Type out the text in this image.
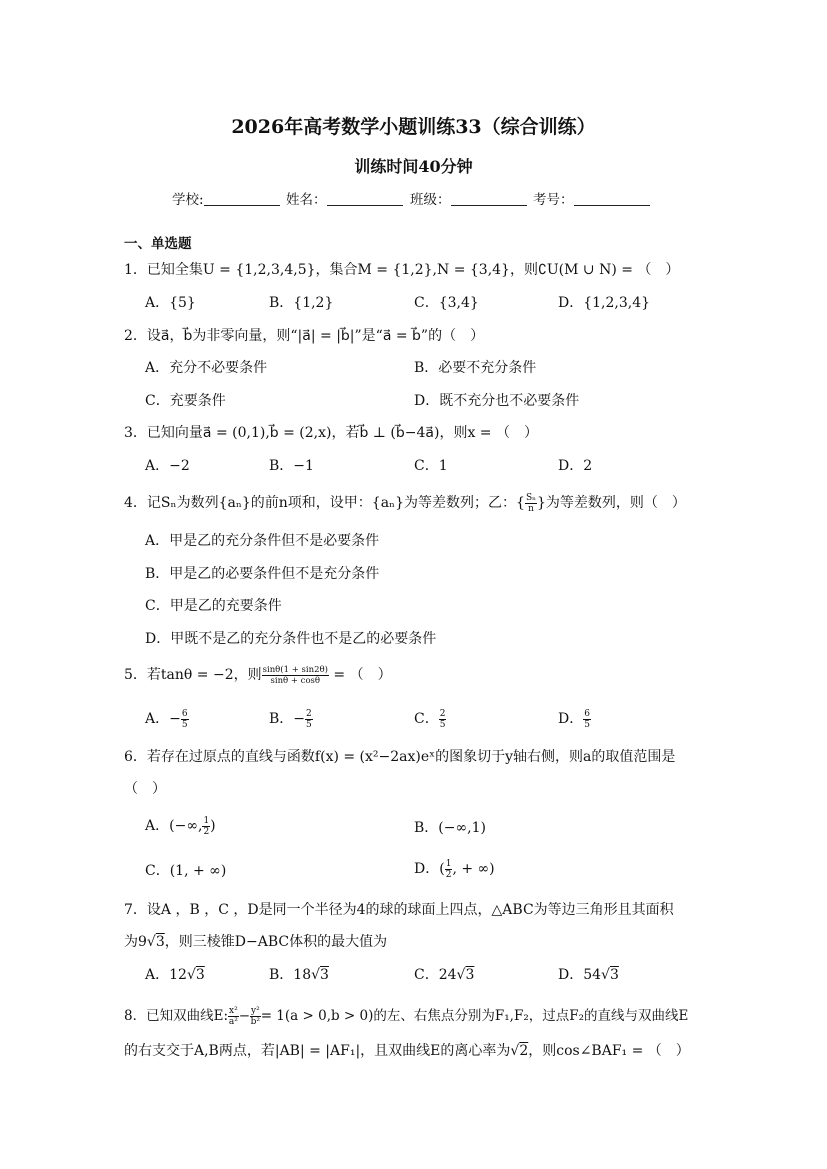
2026年高考数学小题训练33（综合训练）
训练时间40分钟
学校:	姓名：	班级：	考号：
一、单选题
1．已知全集U = {1,2,3,4,5}，集合M = {1,2},N = {3,4}，则∁U(M ∪ N) = （　）
A．{5}	B．{1,2}	C．{3,4}	D．{1,2,3,4}
2．设a⃗，b⃗为非零向量，则“|a⃗| = |b⃗|”是“a⃗ = b⃗”的（　）
A．充分不必要条件	B．必要不充分条件
C．充要条件	D．既不充分也不必要条件
3．已知向量a⃗ = (0,1),b⃗ = (2,x)，若b⃗ ⊥ (b⃗−4a⃗)，则x = （　）
A．−2	B．−1	C．1	D．2
4．记Sₙ为数列{aₙ}的前n项和，设甲：{aₙ}为等差数列；乙：{ $\frac{\text{Sₙ}}{n}$ }为等差数列，则（　）
A．甲是乙的充分条件但不是必要条件
B．甲是乙的必要条件但不是充分条件
C．甲是乙的充要条件
D．甲既不是乙的充分条件也不是乙的必要条件
5．若tanθ = −2，则 $\frac{\sin\theta(1 + \sin 2\theta)}{\sin\theta + \cos\theta}$ = （　）
A．− $\frac{6}{5}$	B．− $\frac{2}{5}$	C． $\frac{2}{5}$	D． $\frac{6}{5}$
6．若存在过原点的直线与函数f(x) = (x²−2ax)eˣ的图象切于y轴右侧，则a的取值范围是
（　）
A．(−∞, $\frac{1}{2}$ )	B．(−∞,1)
C．(1, + ∞)	D．( $\frac{1}{2}$ , + ∞)
7．设A ，B ，C ，D是同一个半径为4的球的球面上四点，△ABC为等边三角形且其面积
为9√3，则三棱锥D−ABC体积的最大值为
A．12√3	B．18√3	C．24√3	D．54√3
8．已知双曲线E: $\frac{\text{x²}}{\text{a²}} - \frac{\text{y²}}{\text{b²}} = 1(a > 0,b > 0)$的左、右焦点分别为F₁,F₂，过点F₂的直线与双曲线E
的右支交于A,B两点，若|AB| = |AF₁|，且双曲线E的离心率为√2，则cos∠BAF₁ = （　）
